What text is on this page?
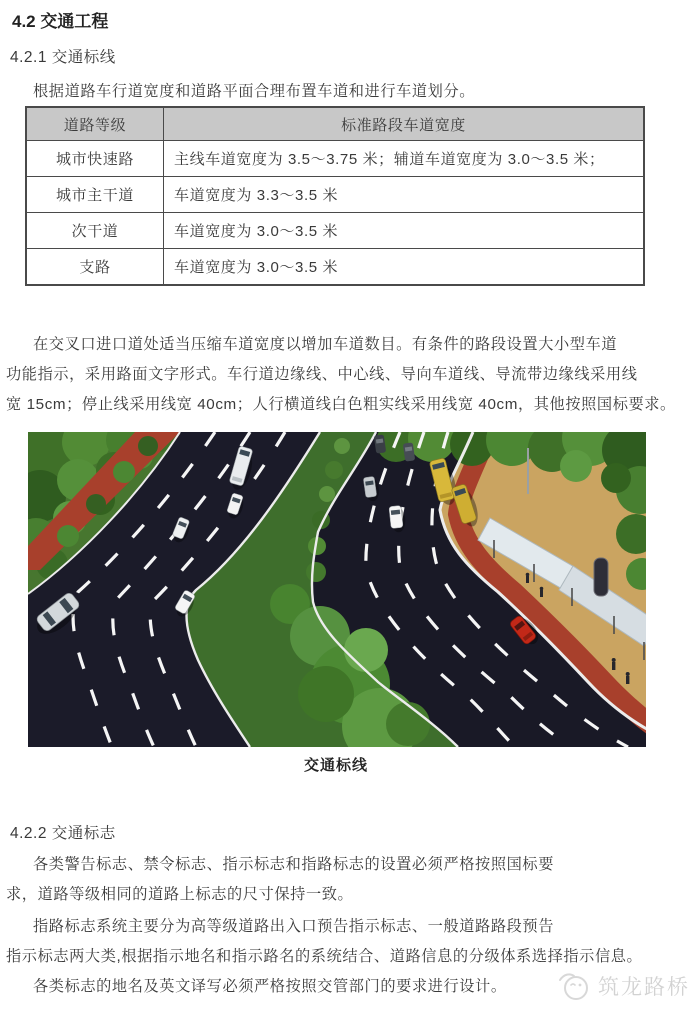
4.2 交通工程
4.2.1 交通标线
根据道路车行道宽度和道路平面合理布置车道和进行车道划分。
道路等级	标准路段车道宽度
城市快速路	主线车道宽度为 3.5～3.75 米；辅道车道宽度为 3.0～3.5 米；
城市主干道	车道宽度为 3.3～3.5 米
次干道	车道宽度为 3.0～3.5 米
支路	车道宽度为 3.0～3.5 米
在交叉口进口道处适当压缩车道宽度以增加车道数目。有条件的路段设置大小型车道
功能指示，采用路面文字形式。车行道边缘线、中心线、导向车道线、导流带边缘线采用线
宽 15cm；停止线采用线宽 40cm；人行横道线白色粗实线采用线宽 40cm，其他按照国标要求。
交通标线
4.2.2 交通标志
各类警告标志、禁令标志、指示标志和指路标志的设置必须严格按照国标要
求，道路等级相同的道路上标志的尺寸保持一致。
指路标志系统主要分为高等级道路出入口预告指示标志、一般道路路段预告
指示标志两大类,根据指示地名和指示路名的系统结合、道路信息的分级体系选择指示信息。
各类标志的地名及英文译写必须严格按照交管部门的要求进行设计。	筑龙路桥
